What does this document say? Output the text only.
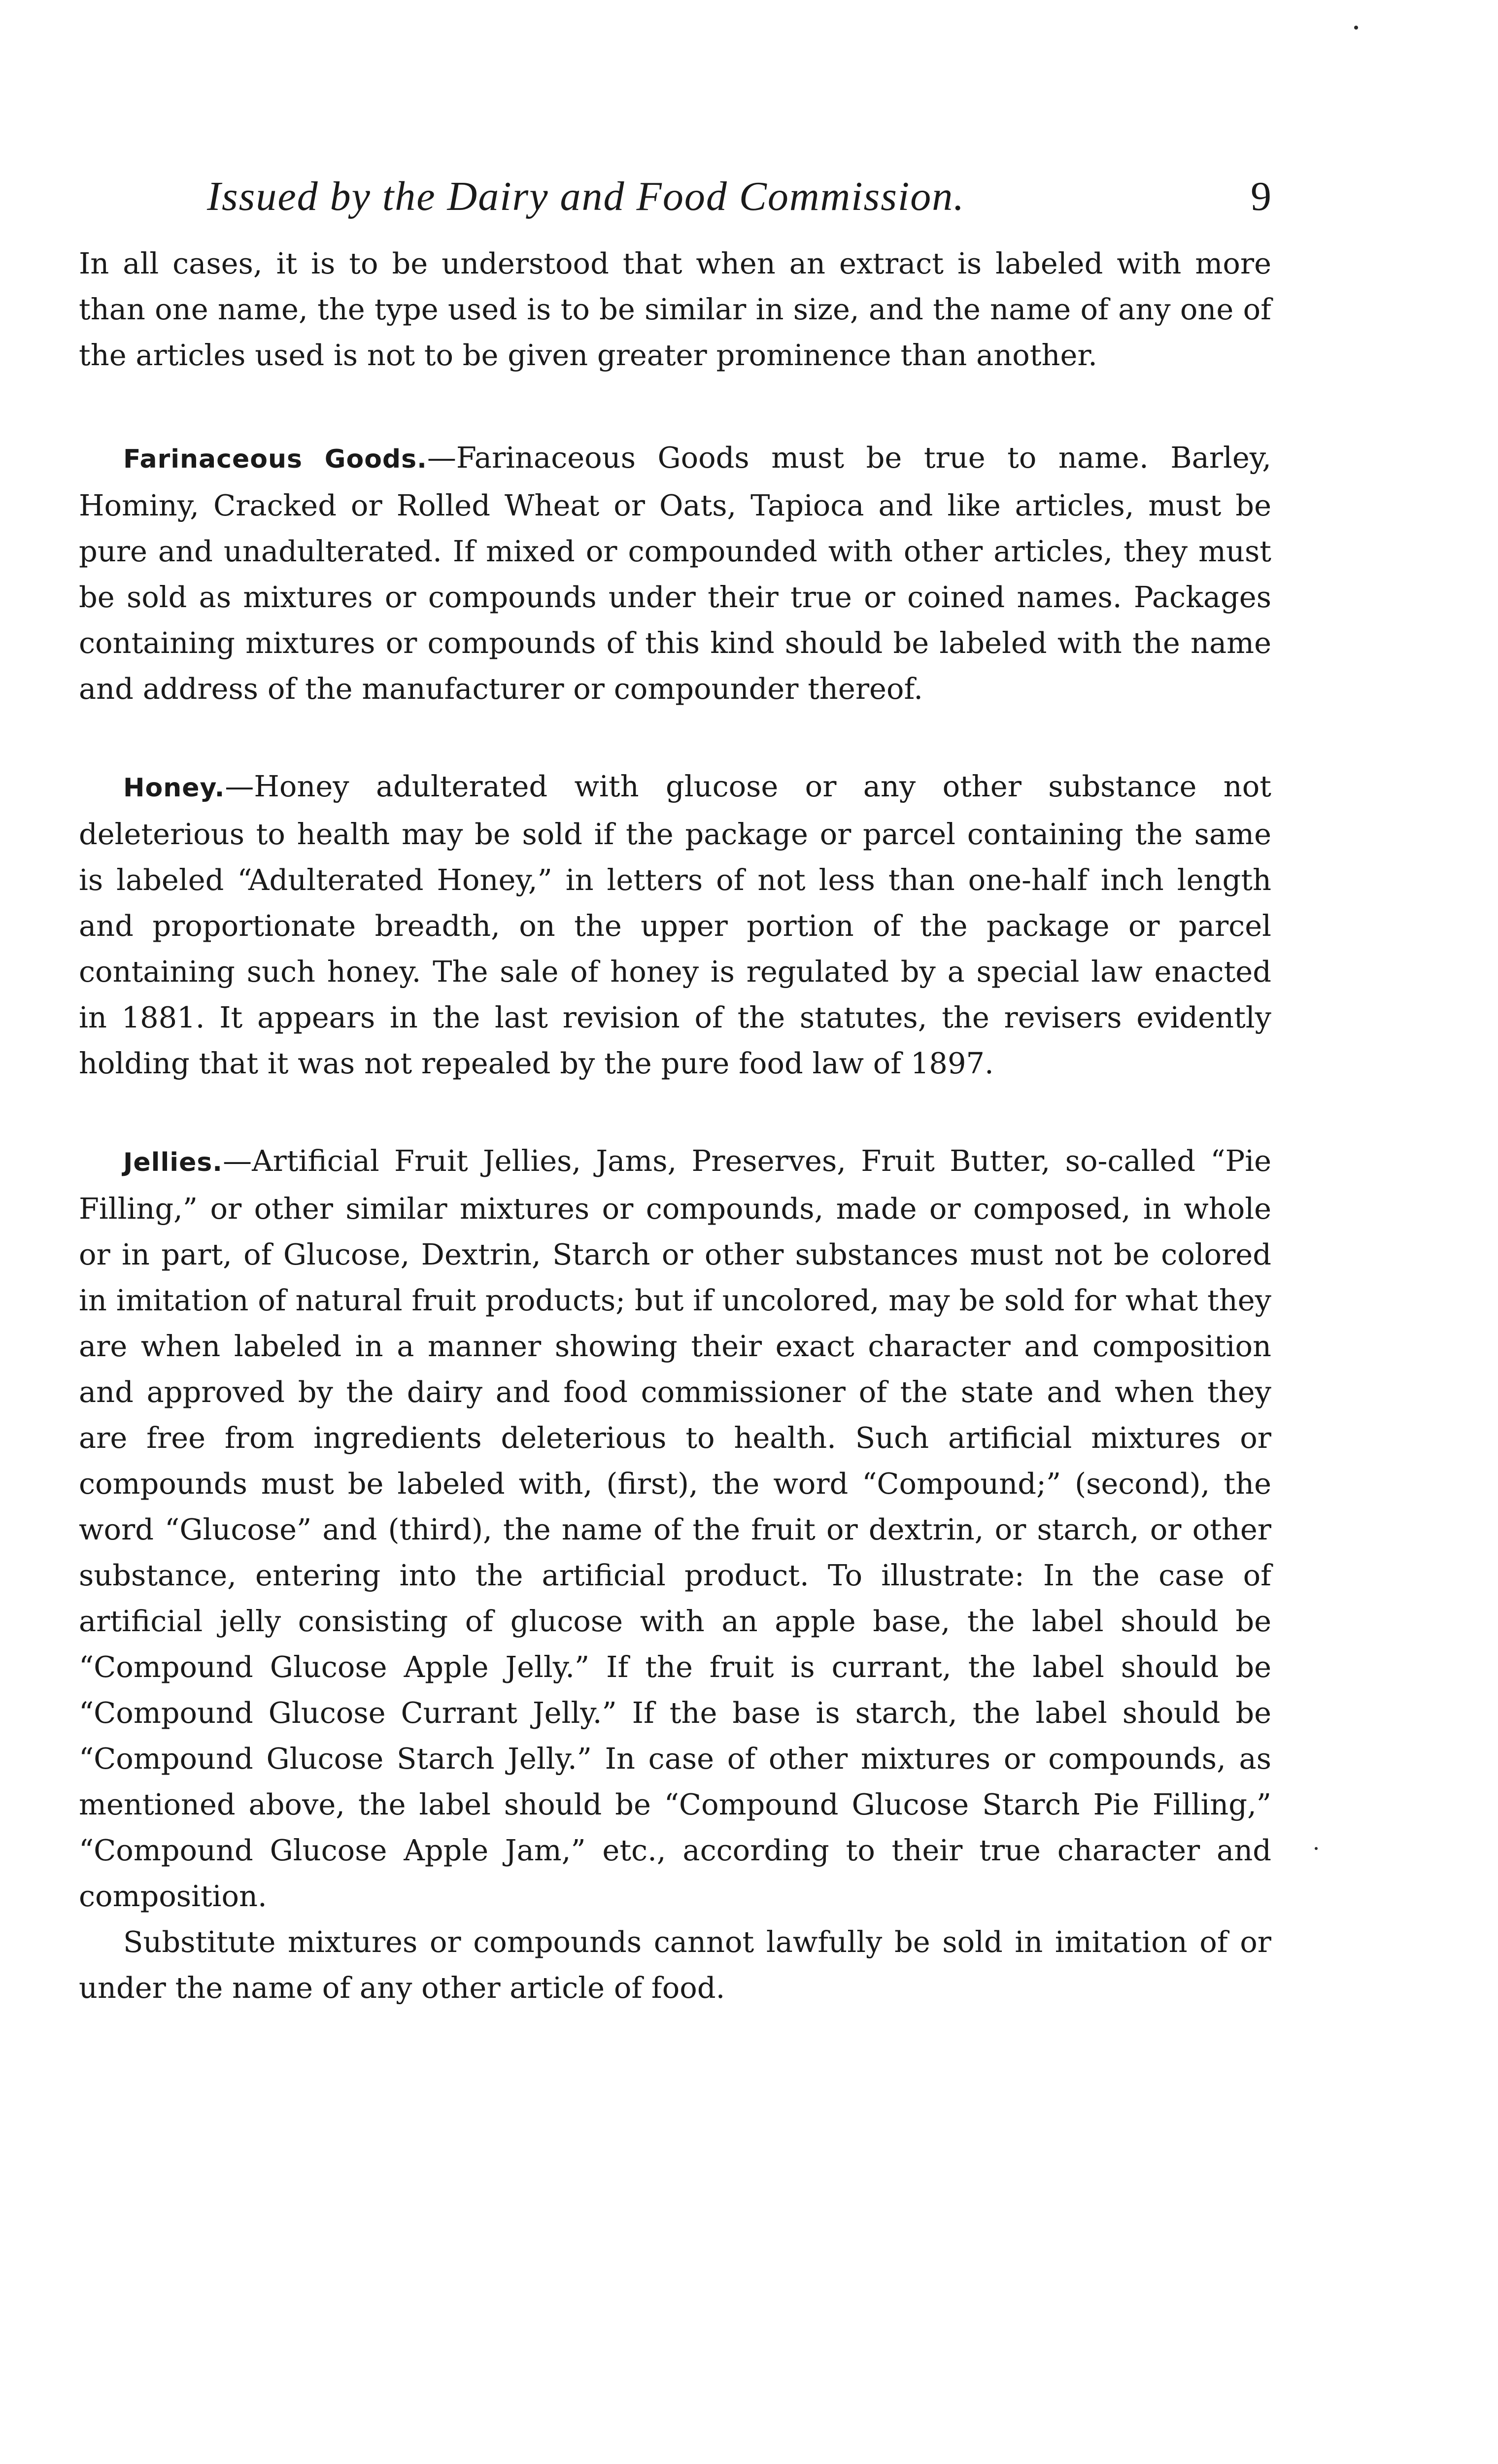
Issued by the Dairy and Food Commission.	9

In all cases, it is to be understood that when an extract is labeled with more than one name, the type used is to be similar in size, and the name of any one of the articles used is not to be given greater prominence than another.

Farinaceous Goods.—Farinaceous Goods must be true to name. Barley, Hominy, Cracked or Rolled Wheat or Oats, Tapioca and like articles, must be pure and unadulterated. If mixed or compounded with other articles, they must be sold as mixtures or compounds under their true or coined names. Packages containing mixtures or compounds of this kind should be labeled with the name and address of the manufacturer or compounder thereof.

Honey.—Honey adulterated with glucose or any other substance not deleterious to health may be sold if the package or parcel containing the same is labeled “Adulterated Honey,” in letters of not less than one-half inch length and proportionate breadth, on the upper portion of the package or parcel containing such honey. The sale of honey is regulated by a special law enacted in 1881. It appears in the last revision of the statutes, the revisers evidently holding that it was not repealed by the pure food law of 1897.

Jellies.—Artificial Fruit Jellies, Jams, Preserves, Fruit Butter, so-called “Pie Filling,” or other similar mixtures or compounds, made or composed, in whole or in part, of Glucose, Dextrin, Starch or other substances must not be colored in imitation of natural fruit products; but if uncolored, may be sold for what they are when labeled in a manner showing their exact character and composition and approved by the dairy and food commissioner of the state and when they are free from ingredients deleterious to health. Such artificial mixtures or compounds must be labeled with, (first), the word “Compound;” (second), the word “Glucose” and (third), the name of the fruit or dextrin, or starch, or other substance, entering into the artificial product. To illustrate: In the case of artificial jelly consisting of glucose with an apple base, the label should be “Compound Glucose Apple Jelly.” If the fruit is currant, the label should be “Compound Glucose Currant Jelly.” If the base is starch, the label should be “Compound Glucose Starch Jelly.” In case of other mixtures or compounds, as mentioned above, the label should be “Compound Glucose Starch Pie Filling,” “Compound Glucose Apple Jam,” etc., according to their true character and composition.

Substitute mixtures or compounds cannot lawfully be sold in imitation of or under the name of any other article of food.
